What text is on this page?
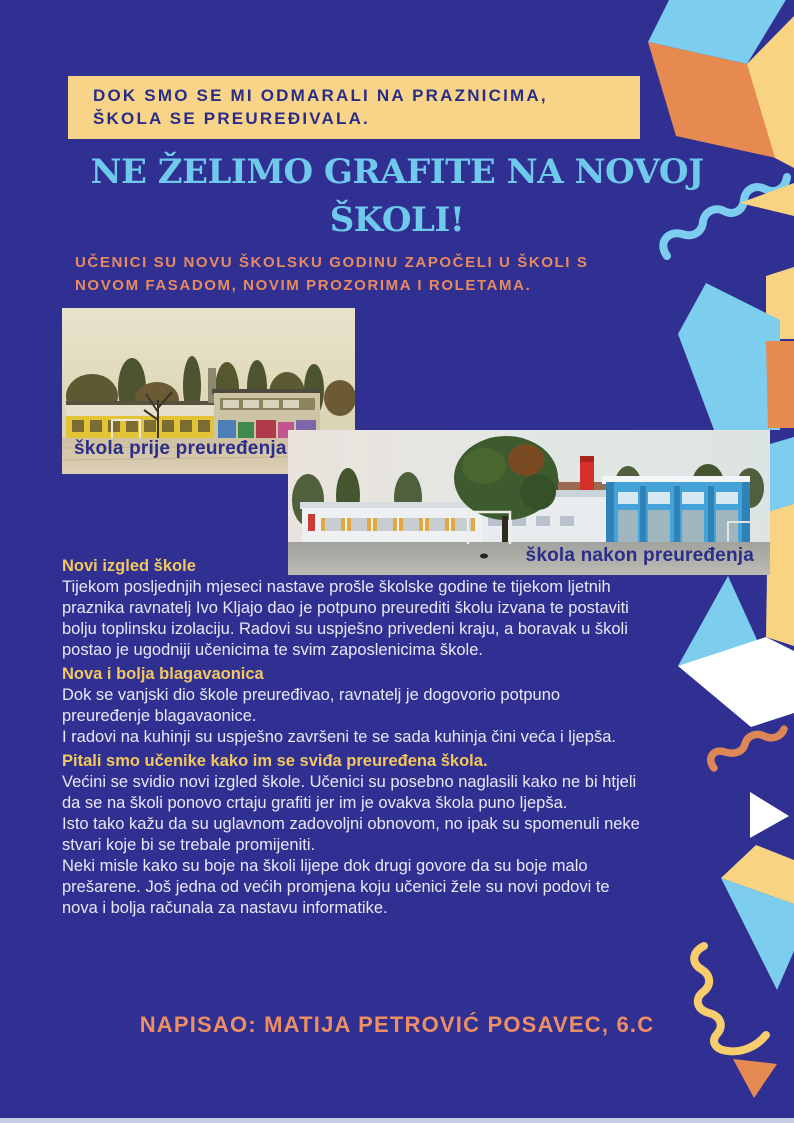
DOK SMO SE MI ODMARALI NA PRAZNICIMA,
ŠKOLA SE PREUREĐIVALA.
NE ŽELIMO GRAFITE NA NOVOJ
ŠKOLI!
UČENICI SU NOVU ŠKOLSKU GODINU ZAPOČELI U ŠKOLI S
NOVOM FASADOM, NOVIM PROZORIMA I ROLETAMA.
škola prije preuređenja
škola nakon preuređenja

Novi izgled škole

Tijekom posljednjih mjeseci nastave prošle školske godine te tijekom ljetnih praznika ravnatelj Ivo Kljajo dao je potpuno preurediti školu izvana te postaviti bolju toplinsku izolaciju. Radovi su uspješno privedeni kraju, a boravak u školi postao je ugodniji učenicima te svim zaposlenicima škole.

Nova i bolja blagavaonica

Dok se vanjski dio škole preuređivao, ravnatelj je dogovorio potpuno preuređenje blagavaonice.

I radovi na kuhinji su uspješno završeni te se sada kuhinja čini veća i ljepša.

Pitali smo učenike kako im se sviđa preuređena škola.

Većini se svidio novi izgled škole. Učenici su posebno naglasili kako ne bi htjeli da se na školi ponovo crtaju grafiti jer im je ovakva škola puno ljepša.

Isto tako kažu da su uglavnom zadovoljni obnovom, no ipak su spomenuli neke stvari koje bi se trebale promijeniti.

Neki misle kako su boje na školi lijepe dok drugi govore da su boje malo prešarene. Još jedna od većih promjena koju učenici žele su novi podovi te nova i bolja računala za nastavu informatike.

NAPISAO: MATIJA PETROVIĆ POSAVEC, 6.C
